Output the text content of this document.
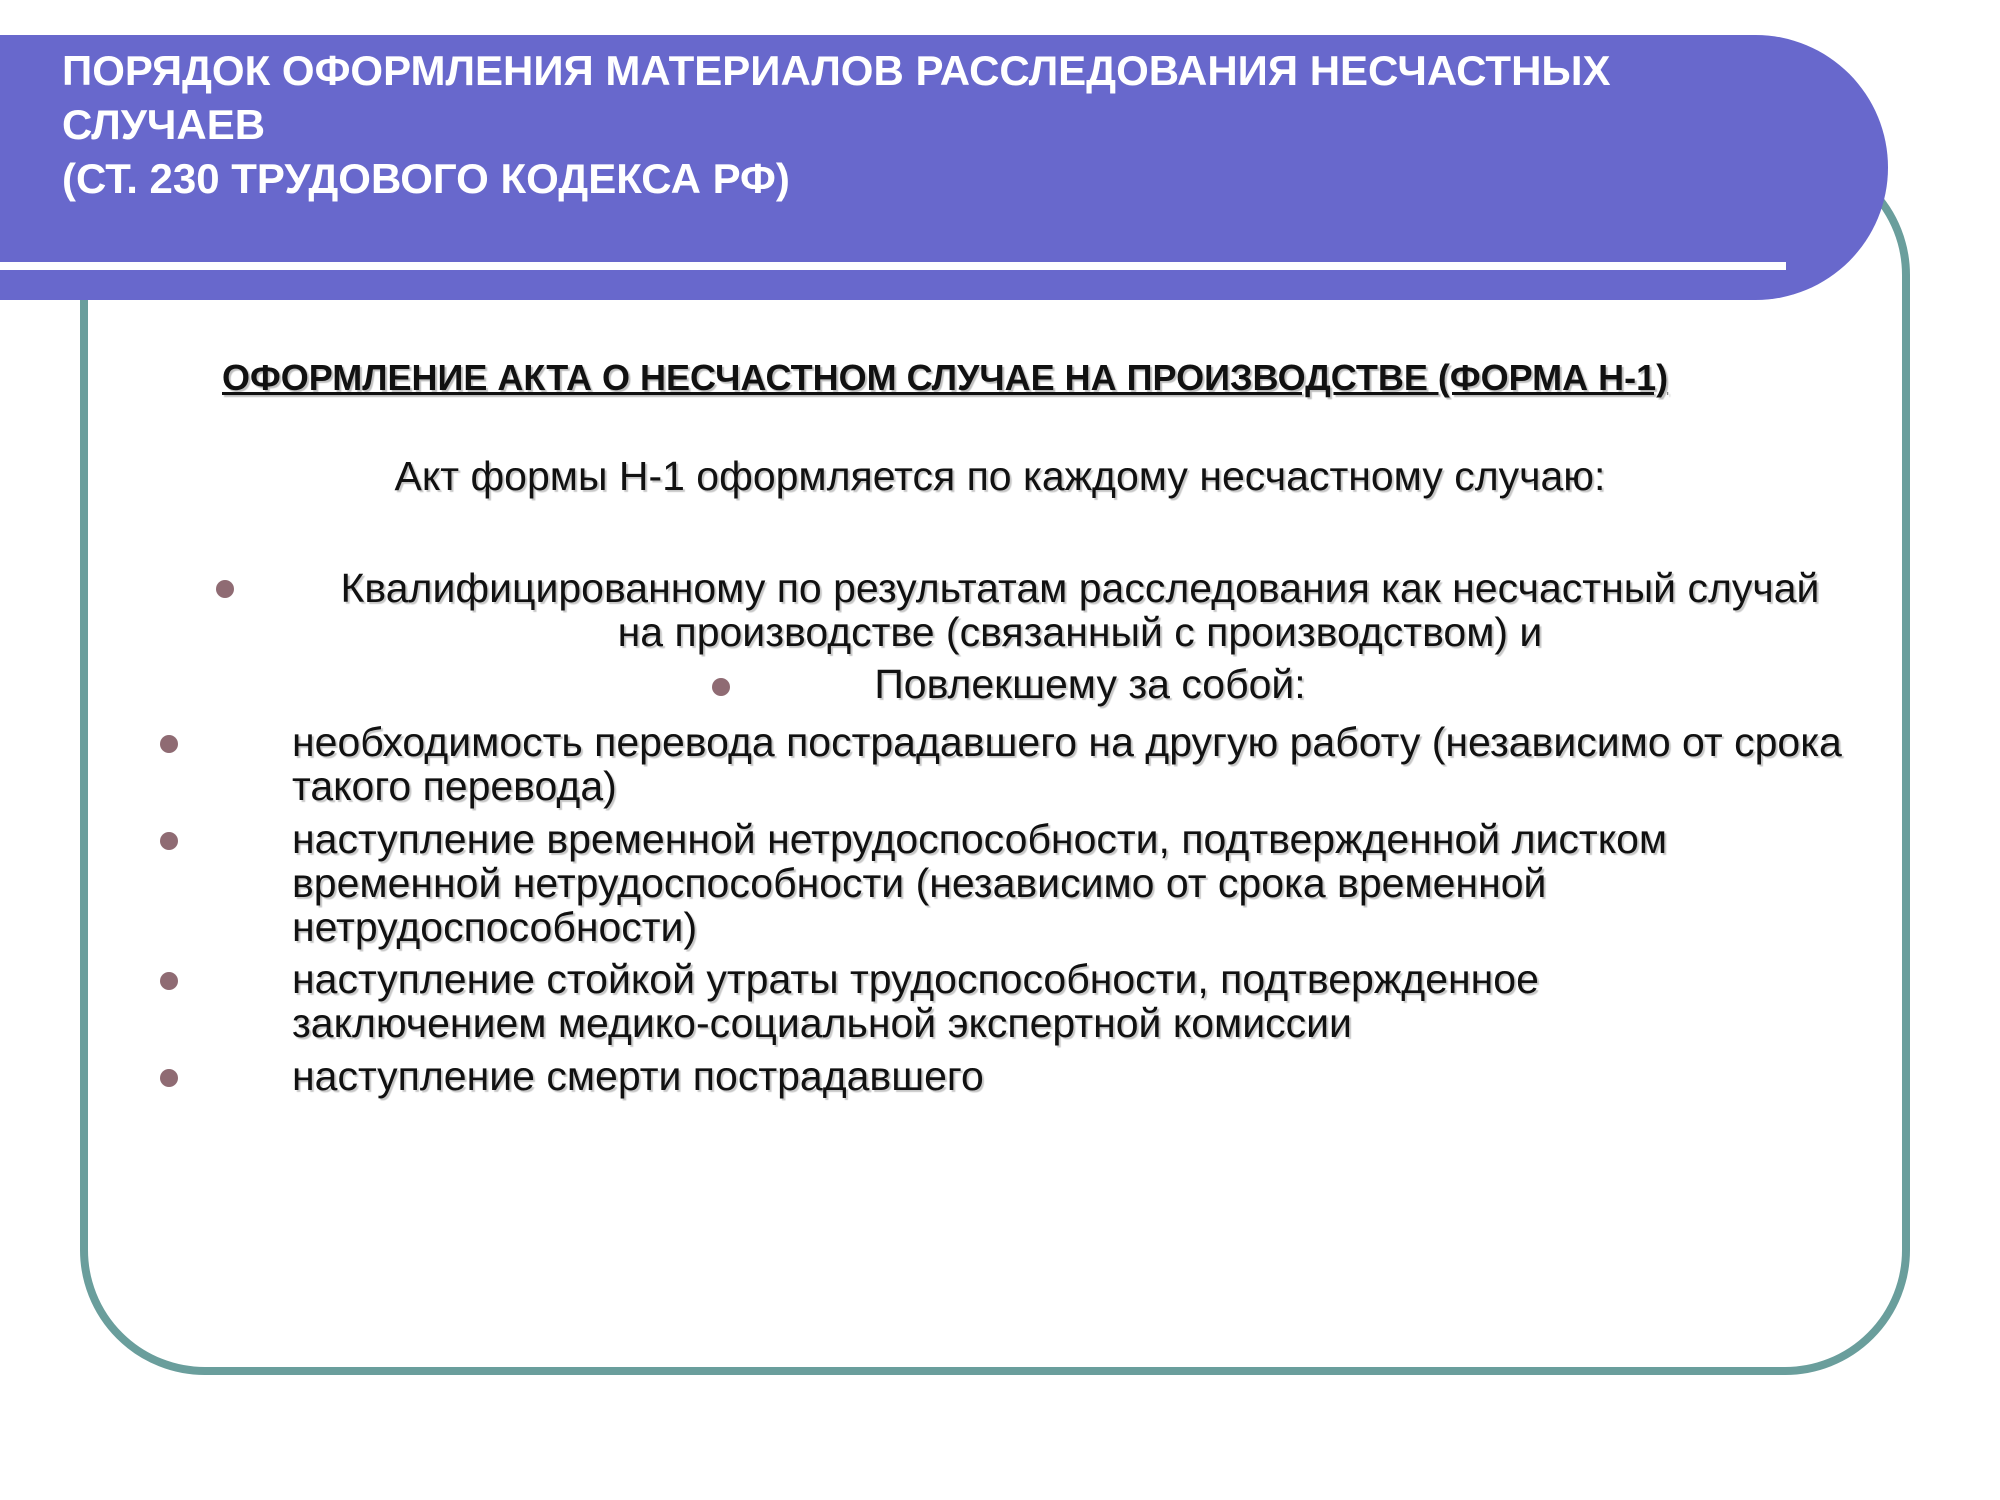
ПОРЯДОК ОФОРМЛЕНИЯ МАТЕРИАЛОВ РАССЛЕДОВАНИЯ НЕСЧАСТНЫХ
СЛУЧАЕВ
(СТ. 230 ТРУДОВОГО КОДЕКСА РФ)
ОФОРМЛЕНИЕ АКТА О НЕСЧАСТНОМ СЛУЧАЕ НА ПРОИЗВОДСТВЕ (ФОРМА Н-1)
Акт формы Н-1 оформляется по каждому несчастному случаю:
Квалифицированному по результатам расследования как несчастный случай на производстве (связанный с производством) и
Повлекшему за собой:
необходимость перевода пострадавшего на другую работу (независимо от срока такого перевода)
наступление временной нетрудоспособности, подтвержденной листком временной нетрудоспособности (независимо от срока временной нетрудоспособности)
наступление стойкой утраты трудоспособности, подтвержденное заключением медико-социальной экспертной комиссии
наступление смерти пострадавшего
